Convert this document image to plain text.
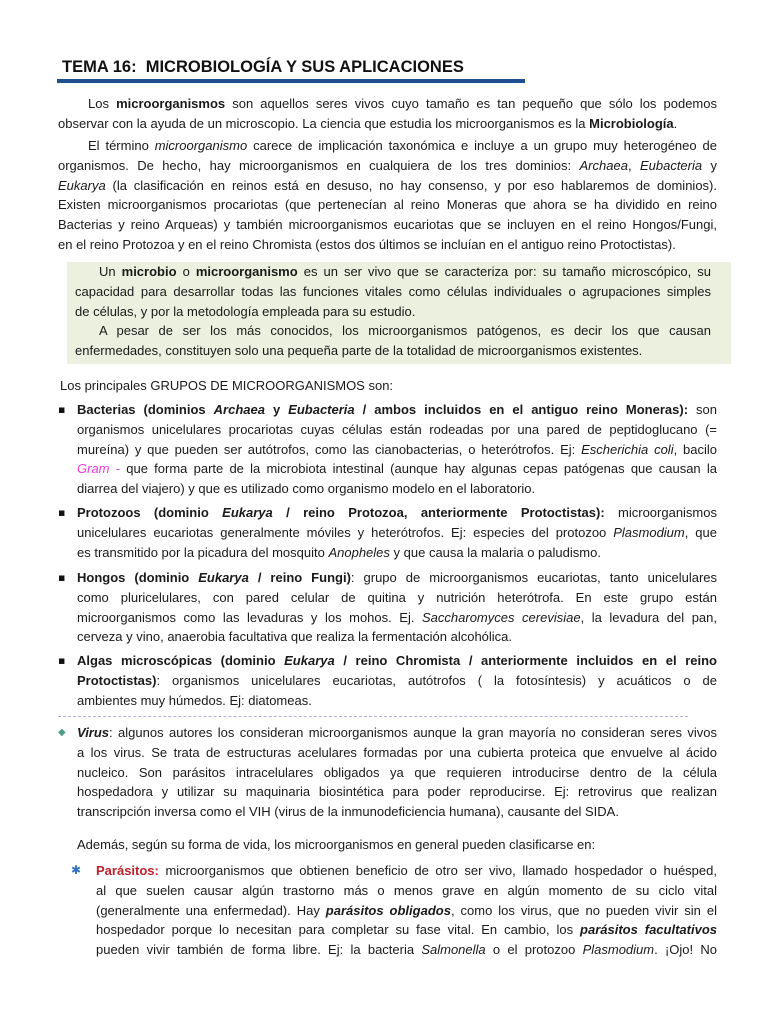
TEMA 16:  MICROBIOLOGÍA Y SUS APLICACIONES
Los microorganismos son aquellos seres vivos cuyo tamaño es tan pequeño que sólo los podemos
observar con la ayuda de un microscopio. La ciencia que estudia los microorganismos es la Microbiología.
El término microorganismo carece de implicación taxonómica e incluye a un grupo muy heterogéneo de
organismos. De hecho, hay microorganismos en cualquiera de los tres dominios: Archaea, Eubacteria y
Eukarya (la clasificación en reinos está en desuso, no hay consenso, y por eso hablaremos de dominios).
Existen microorganismos procariotas (que pertenecían al reino Moneras que ahora se ha dividido en reino
Bacterias y reino Arqueas) y también microorganismos eucariotas que se incluyen en el reino Hongos/Fungi,
en el reino Protozoa y en el reino Chromista (estos dos últimos se incluían en el antiguo reino Protoctistas).
Un microbio o microorganismo es un ser vivo que se caracteriza por: su tamaño microscópico, su
capacidad para desarrollar todas las funciones vitales como células individuales o agrupaciones simples
de células, y por la metodología empleada para su estudio.
A pesar de ser los más conocidos, los microorganismos patógenos, es decir los que causan
enfermedades, constituyen solo una pequeña parte de la totalidad de microorganismos existentes.
Los principales GRUPOS DE MICROORGANISMOS son:
▪ Bacterias (dominios Archaea y Eubacteria / ambos incluidos en el antiguo reino Moneras): son
organismos unicelulares procariotas cuyas células están rodeadas por una pared de peptidoglucano (=
mureína) y que pueden ser autótrofos, como las cianobacterias, o heterótrofos. Ej: Escherichia coli, bacilo
Gram - que forma parte de la microbiota intestinal (aunque hay algunas cepas patógenas que causan la
diarrea del viajero) y que es utilizado como organismo modelo en el laboratorio.
▪ Protozoos (dominio Eukarya / reino Protozoa, anteriormente Protoctistas): microorganismos
unicelulares eucariotas generalmente móviles y heterótrofos. Ej: especies del protozoo Plasmodium, que
es transmitido por la picadura del mosquito Anopheles y que causa la malaria o paludismo.
▪ Hongos (dominio Eukarya / reino Fungi): grupo de microorganismos eucariotas, tanto unicelulares
como pluricelulares, con pared celular de quitina y nutrición heterótrofa. En este grupo están
microorganismos como las levaduras y los mohos. Ej. Saccharomyces cerevisiae, la levadura del pan,
cerveza y vino, anaerobia facultativa que realiza la fermentación alcohólica.
▪ Algas microscópicas (dominio Eukarya / reino Chromista / anteriormente incluidos en el reino
Protoctistas): organismos unicelulares eucariotas, autótrofos ( la fotosíntesis) y acuáticos o de
ambientes muy húmedos. Ej: diatomeas.
◆ Virus: algunos autores los consideran microorganismos aunque la gran mayoría no consideran seres vivos
a los virus. Se trata de estructuras acelulares formadas por una cubierta proteica que envuelve al ácido
nucleico. Son parásitos intracelulares obligados ya que requieren introducirse dentro de la célula
hospedadora y utilizar su maquinaria biosintética para poder reproducirse. Ej: retrovirus que realizan
transcripción inversa como el VIH (virus de la inmunodeficiencia humana), causante del SIDA.
Además, según su forma de vida, los microorganismos en general pueden clasificarse en:
✱ Parásitos: microorganismos que obtienen beneficio de otro ser vivo, llamado hospedador o huésped,
al que suelen causar algún trastorno más o menos grave en algún momento de su ciclo vital
(generalmente una enfermedad). Hay parásitos obligados, como los virus, que no pueden vivir sin el
hospedador porque lo necesitan para completar su fase vital. En cambio, los parásitos facultativos
pueden vivir también de forma libre. Ej: la bacteria Salmonella o el protozoo Plasmodium. ¡Ojo! No
